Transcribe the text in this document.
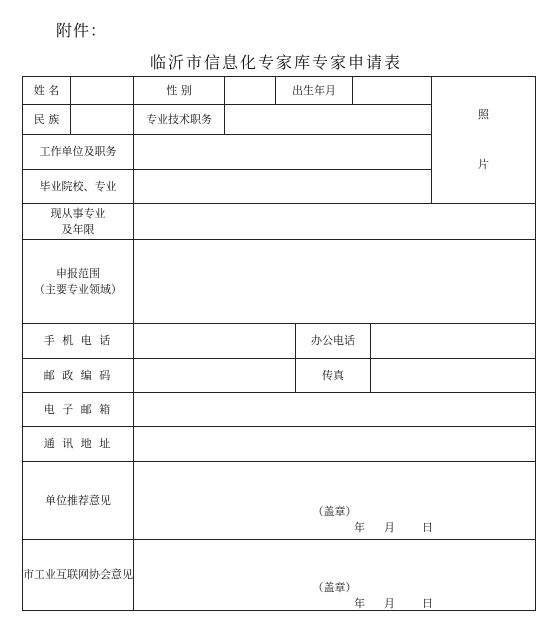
附件：
临沂市信息化专家库专家申请表
姓 名		性 别		出生年月				照
片

民 族		专业技术职务						
工作单位及职务								
毕业院校、专业								

现从事专业
及年限								

申报范围
（主要专业领域）								

手 机 电 话					办公电话			
邮 政 编 码					传真			
电 子 邮 箱								
通 讯 地 址								
单位推荐意见		（盖章）
年 月 日						

市工业互联网协会意见		（盖章）
年 月 日						
